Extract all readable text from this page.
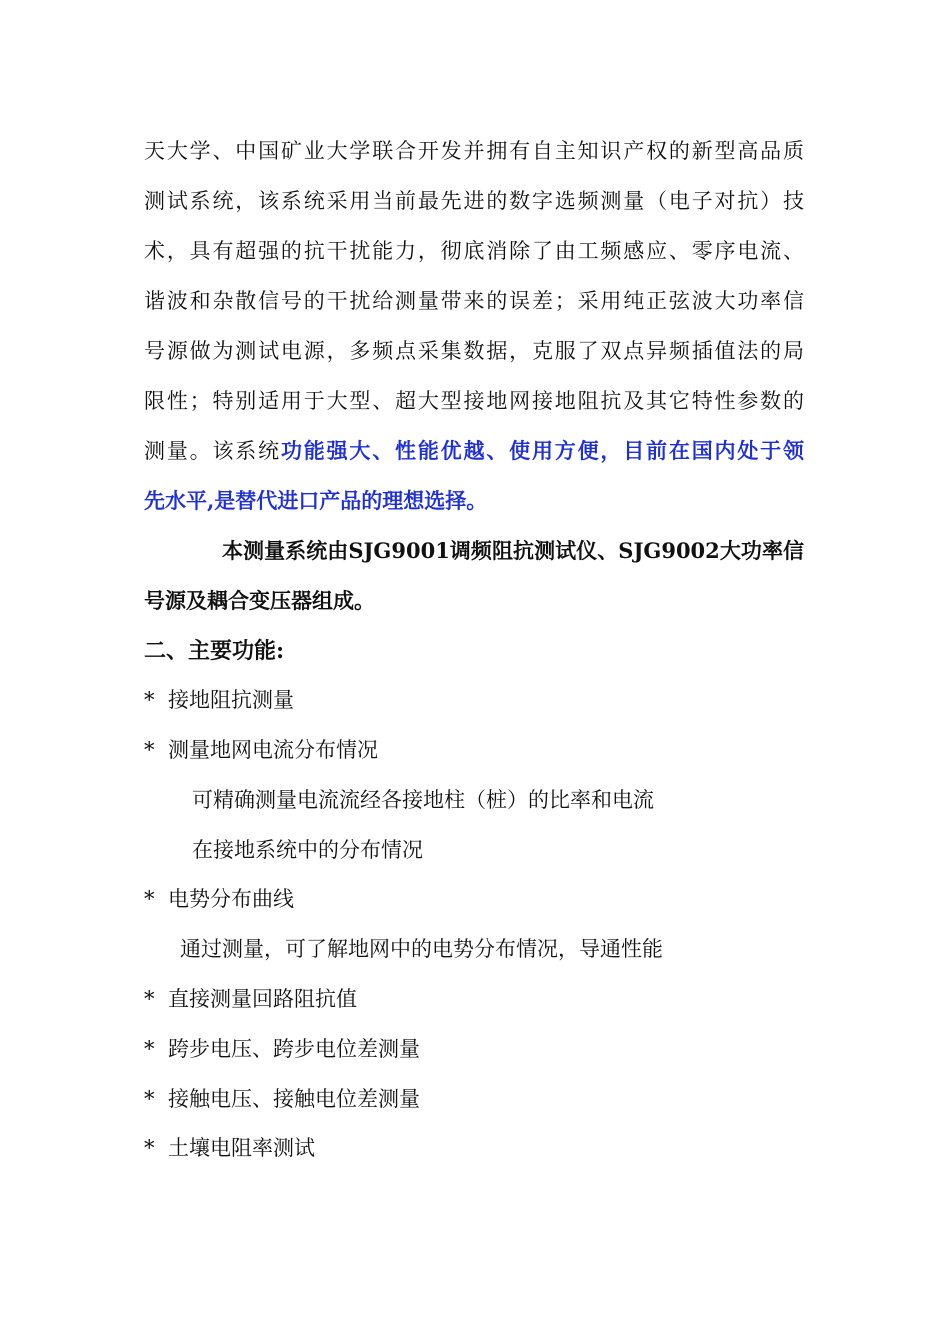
天大学、中国矿业大学联合开发并拥有自主知识产权的新型高品质
测试系统，该系统采用当前最先进的数字选频测量（电子对抗）技
术，具有超强的抗干扰能力，彻底消除了由工频感应、零序电流、
谐波和杂散信号的干扰给测量带来的误差；采用纯正弦波大功率信
号源做为测试电源，多频点采集数据，克服了双点异频插值法的局
限性；特别适用于大型、超大型接地网接地阻抗及其它特性参数的
测量。该系统功能强大、性能优越、使用方便，目前在国内处于领
先水平,是替代进口产品的理想选择。
本测量系统由SJG9001调频阻抗测试仪、SJG9002大功率信
号源及耦合变压器组成。
二、主要功能:
* 接地阻抗测量
* 测量地网电流分布情况
可精确测量电流流经各接地柱（桩）的比率和电流
在接地系统中的分布情况
* 电势分布曲线
通过测量，可了解地网中的电势分布情况，导通性能
* 直接测量回路阻抗值
* 跨步电压、跨步电位差测量
* 接触电压、接触电位差测量
* 土壤电阻率测试
